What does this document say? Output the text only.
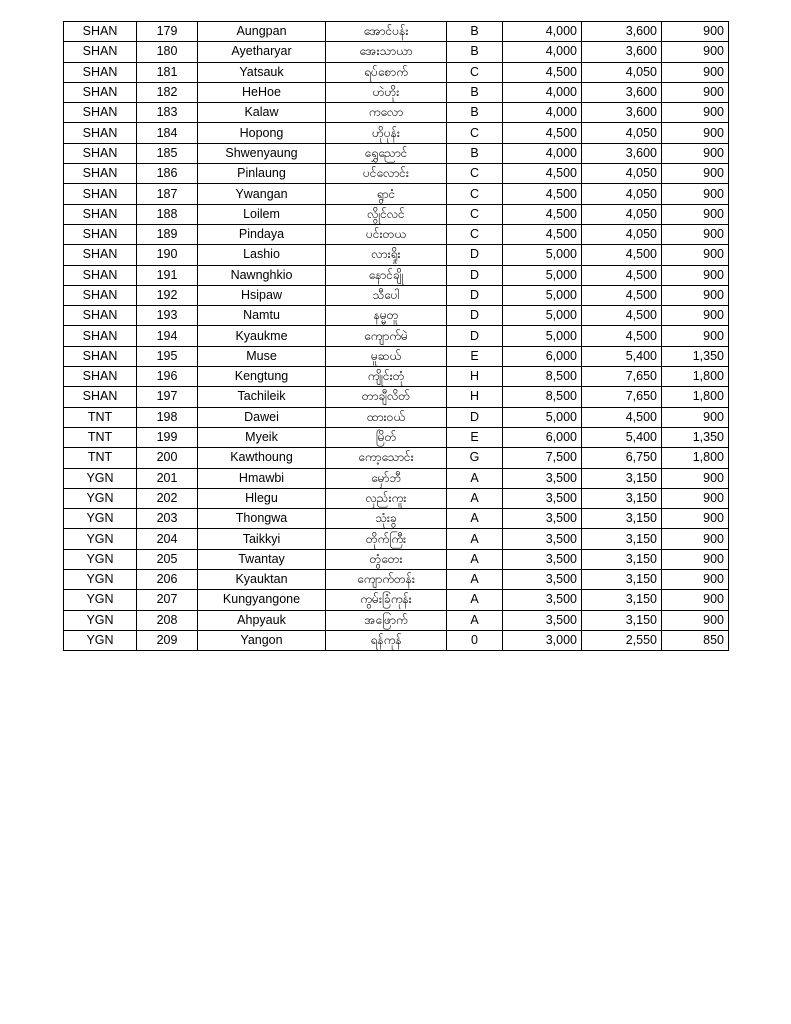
SHAN	179	Aungpan	အောင်ပန်း	B	4,000	3,600	900
SHAN	180	Ayetharyar	အေးသာယာ	B	4,000	3,600	900
SHAN	181	Yatsauk	ရပ်စောက်	C	4,500	4,050	900
SHAN	182	HeHoe	ဟဲဟိုး	B	4,000	3,600	900
SHAN	183	Kalaw	ကလော	B	4,000	3,600	900
SHAN	184	Hopong	ဟိုပုန်း	C	4,500	4,050	900
SHAN	185	Shwenyaung	ရွှေညောင်	B	4,000	3,600	900
SHAN	186	Pinlaung	ပင်လောင်း	C	4,500	4,050	900
SHAN	187	Ywangan	ရွာငံ	C	4,500	4,050	900
SHAN	188	Loilem	လွိုင်လင်	C	4,500	4,050	900
SHAN	189	Pindaya	ပင်းတယ	C	4,500	4,050	900
SHAN	190	Lashio	လားရှိုး	D	5,000	4,500	900
SHAN	191	Nawnghkio	နောင်ချို	D	5,000	4,500	900
SHAN	192	Hsipaw	သီပေါ	D	5,000	4,500	900
SHAN	193	Namtu	နမ္မတူ	D	5,000	4,500	900
SHAN	194	Kyaukme	ကျောက်မဲ	D	5,000	4,500	900
SHAN	195	Muse	မူဆယ်	E	6,000	5,400	1,350
SHAN	196	Kengtung	ကျိုင်းတုံ	H	8,500	7,650	1,800
SHAN	197	Tachileik	တာချီလိတ်	H	8,500	7,650	1,800
TNT	198	Dawei	ထားဝယ်	D	5,000	4,500	900
TNT	199	Myeik	မြိတ်	E	6,000	5,400	1,350
TNT	200	Kawthoung	ကော့သောင်း	G	7,500	6,750	1,800
YGN	201	Hmawbi	မှော်ဘီ	A	3,500	3,150	900
YGN	202	Hlegu	လှည်းကူး	A	3,500	3,150	900
YGN	203	Thongwa	သုံးခွ	A	3,500	3,150	900
YGN	204	Taikkyi	တိုက်ကြီး	A	3,500	3,150	900
YGN	205	Twantay	တွံတေး	A	3,500	3,150	900
YGN	206	Kyauktan	ကျောက်တန်း	A	3,500	3,150	900
YGN	207	Kungyangone	ကွမ်းခြံကုန်း	A	3,500	3,150	900
YGN	208	Ahpyauk	အဖြောက်	A	3,500	3,150	900
YGN	209	Yangon	ရန်ကုန်	0	3,000	2,550	850
